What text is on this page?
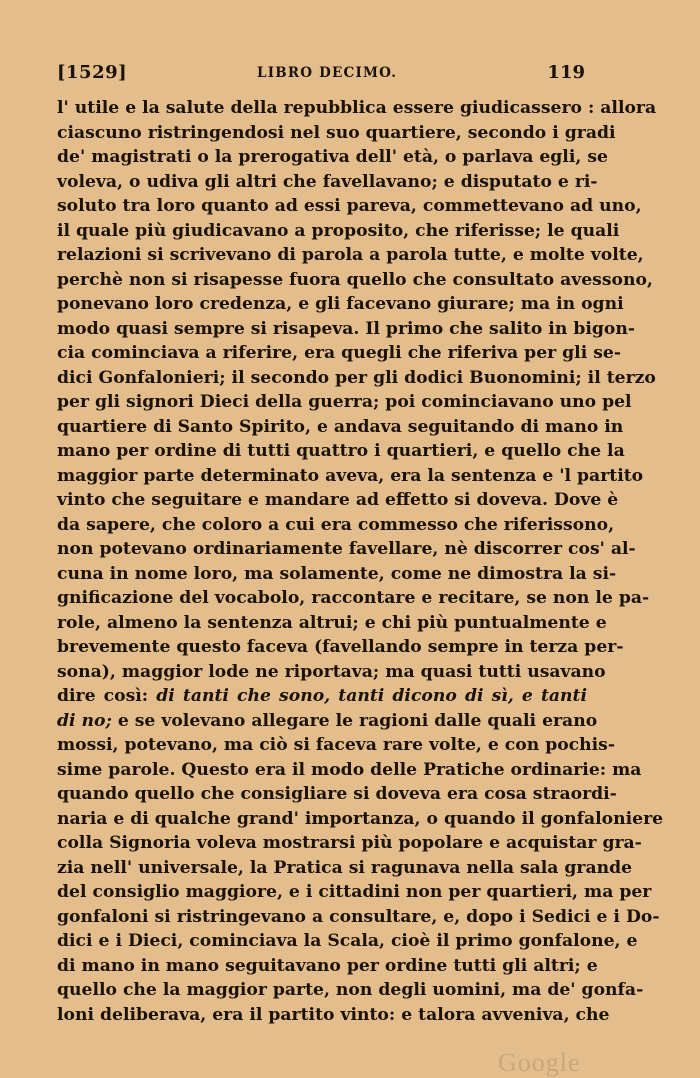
[1529]	LIBRO DECIMO.	119
l' utile e la salute della repubblica essere giudicassero : allora
ciascuno ristringendosi nel suo quartiere, secondo i gradi
de' magistrati o la prerogativa dell' età, o parlava egli, se
voleva, o udiva gli altri che favellavano; e disputato e ri-
soluto tra loro quanto ad essi pareva, commettevano ad uno,
il quale più giudicavano a proposito, che riferisse; le quali
relazioni si scrivevano di parola a parola tutte, e molte volte,
perchè non si risapesse fuora quello che consultato avessono,
ponevano loro credenza, e gli facevano giurare; ma in ogni
modo quasi sempre si risapeva. Il primo che salito in bigon-
cia cominciava a riferire, era quegli che riferiva per gli se-
dici Gonfalonieri; il secondo per gli dodici Buonomini; il terzo
per gli signori Dieci della guerra; poi cominciavano uno pel
quartiere di Santo Spirito, e andava seguitando di mano in
mano per ordine di tutti quattro i quartieri, e quello che la
maggior parte determinato aveva, era la sentenza e 'l partito
vinto che seguitare e mandare ad effetto si doveva. Dove è
da sapere, che coloro a cui era commesso che riferissono,
non potevano ordinariamente favellare, nè discorrer cos' al-
cuna in nome loro, ma solamente, come ne dimostra la si-
gnificazione del vocabolo, raccontare e recitare, se non le pa-
role, almeno la sentenza altrui; e chi più puntualmente e
brevemente questo faceva (favellando sempre in terza per-
sona), maggior lode ne riportava; ma quasi tutti usavano
dire così: di tanti che sono, tanti dicono di sì, e tanti
di no; e se volevano allegare le ragioni dalle quali erano
mossi, potevano, ma ciò si faceva rare volte, e con pochis-
sime parole. Questo era il modo delle Pratiche ordinarie: ma
quando quello che consigliare si doveva era cosa straordi-
naria e di qualche grand' importanza, o quando il gonfaloniere
colla Signoria voleva mostrarsi più popolare e acquistar gra-
zia nell' universale, la Pratica si ragunava nella sala grande
del consiglio maggiore, e i cittadini non per quartieri, ma per
gonfaloni si ristringevano a consultare, e, dopo i Sedici e i Do-
dici e i Dieci, cominciava la Scala, cioè il primo gonfalone, e
di mano in mano seguitavano per ordine tutti gli altri; e
quello che la maggior parte, non degli uomini, ma de' gonfa-
loni deliberava, era il partito vinto: e talora avveniva, che
Google
